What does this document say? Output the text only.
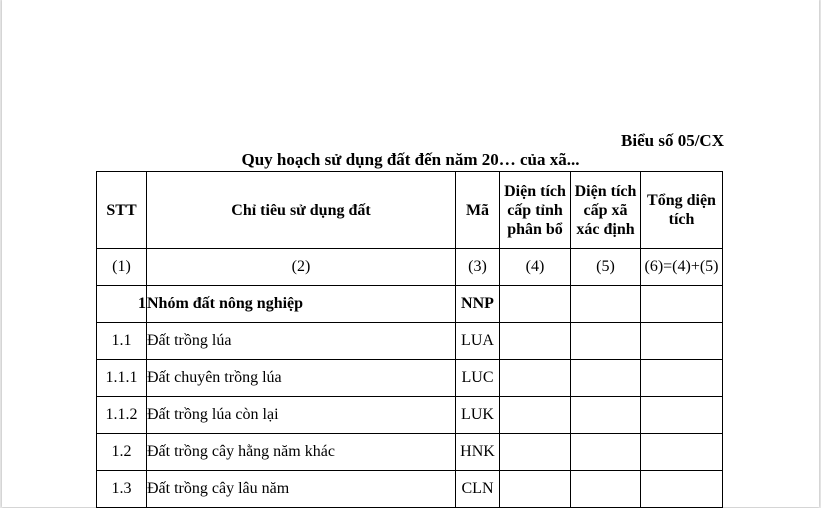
Biểu số 05/CX
Quy hoạch sử dụng đất đến năm 20… của xã...
STT	Chỉ tiêu sử dụng đất	Mã	Diện tích cấp tỉnh phân bổ	Diện tích cấp xã xác định	Tổng diện tích
(1)	(2)	(3)	(4)	(5)	(6)=(4)+(5)
1	Nhóm đất nông nghiệp	NNP			
1.1	Đất trồng lúa	LUA			
1.1.1	Đất chuyên trồng lúa	LUC			
1.1.2	Đất trồng lúa còn lại	LUK			
1.2	Đất trồng cây hằng năm khác	HNK			
1.3	Đất trồng cây lâu năm	CLN			
